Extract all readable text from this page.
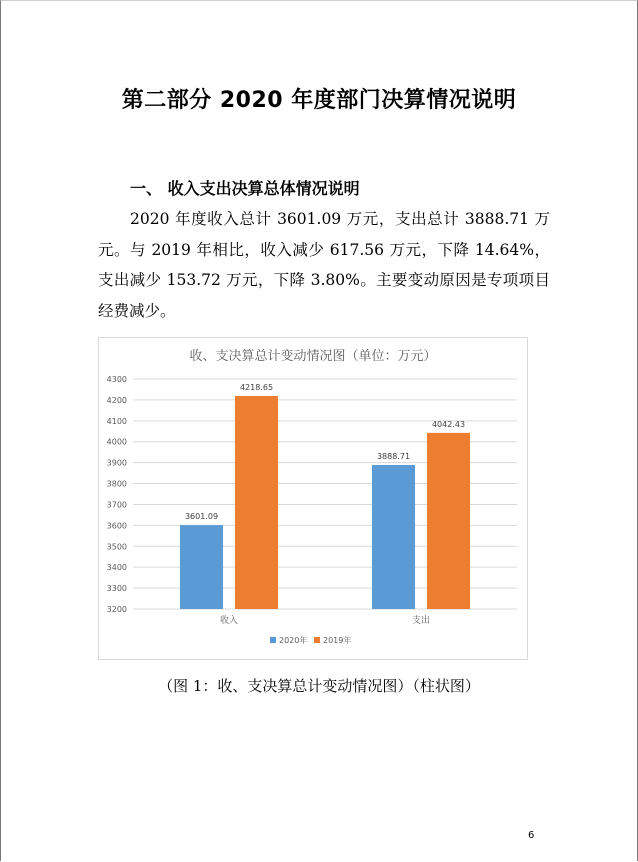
第二部分 2020 年度部门决算情况说明
一、 收入支出决算总体情况说明
2020 年度收入总计 3601.09 万元，支出总计 3888.71 万元。与 2019 年相比，收入减少 617.56 万元，下降 14.64%，支出减少 153.72 万元，下降 3.80%。主要变动原因是专项项目经费减少。
收、支决算总计变动情况图（单位：万元）
3200
3300
3400
3500
3600
3700
3800
3900
4000
4100
4200
4300
收入
3601.09
4218.65
支出
3888.71
4042.43
2020年 2019年
（图 1：收、支决算总计变动情况图）（柱状图）
6
